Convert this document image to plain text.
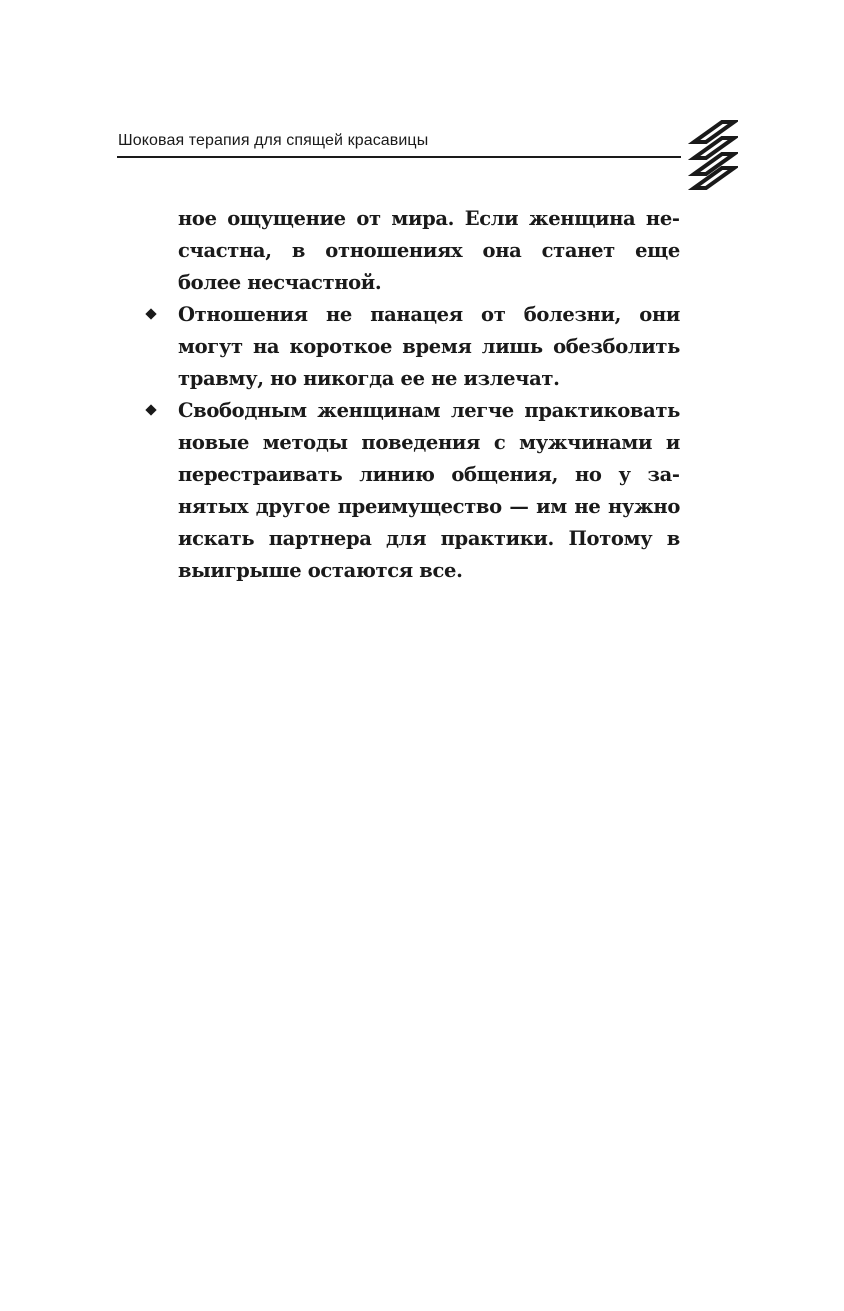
Шоковая терапия для спящей красавицы

ное ощущение от мира. Если женщина несчастна, в отношениях она станет еще более несчастной.

Отношения не панацея от болезни, они могут на короткое время лишь обезболить травму, но никогда ее не излечат.
Свободным женщинам легче практиковать новые методы поведения с мужчинами и перестраивать линию общения, но у занятых другое преимущество — им не нужно искать партнера для практики. Потому в выигрыше остаются все.
